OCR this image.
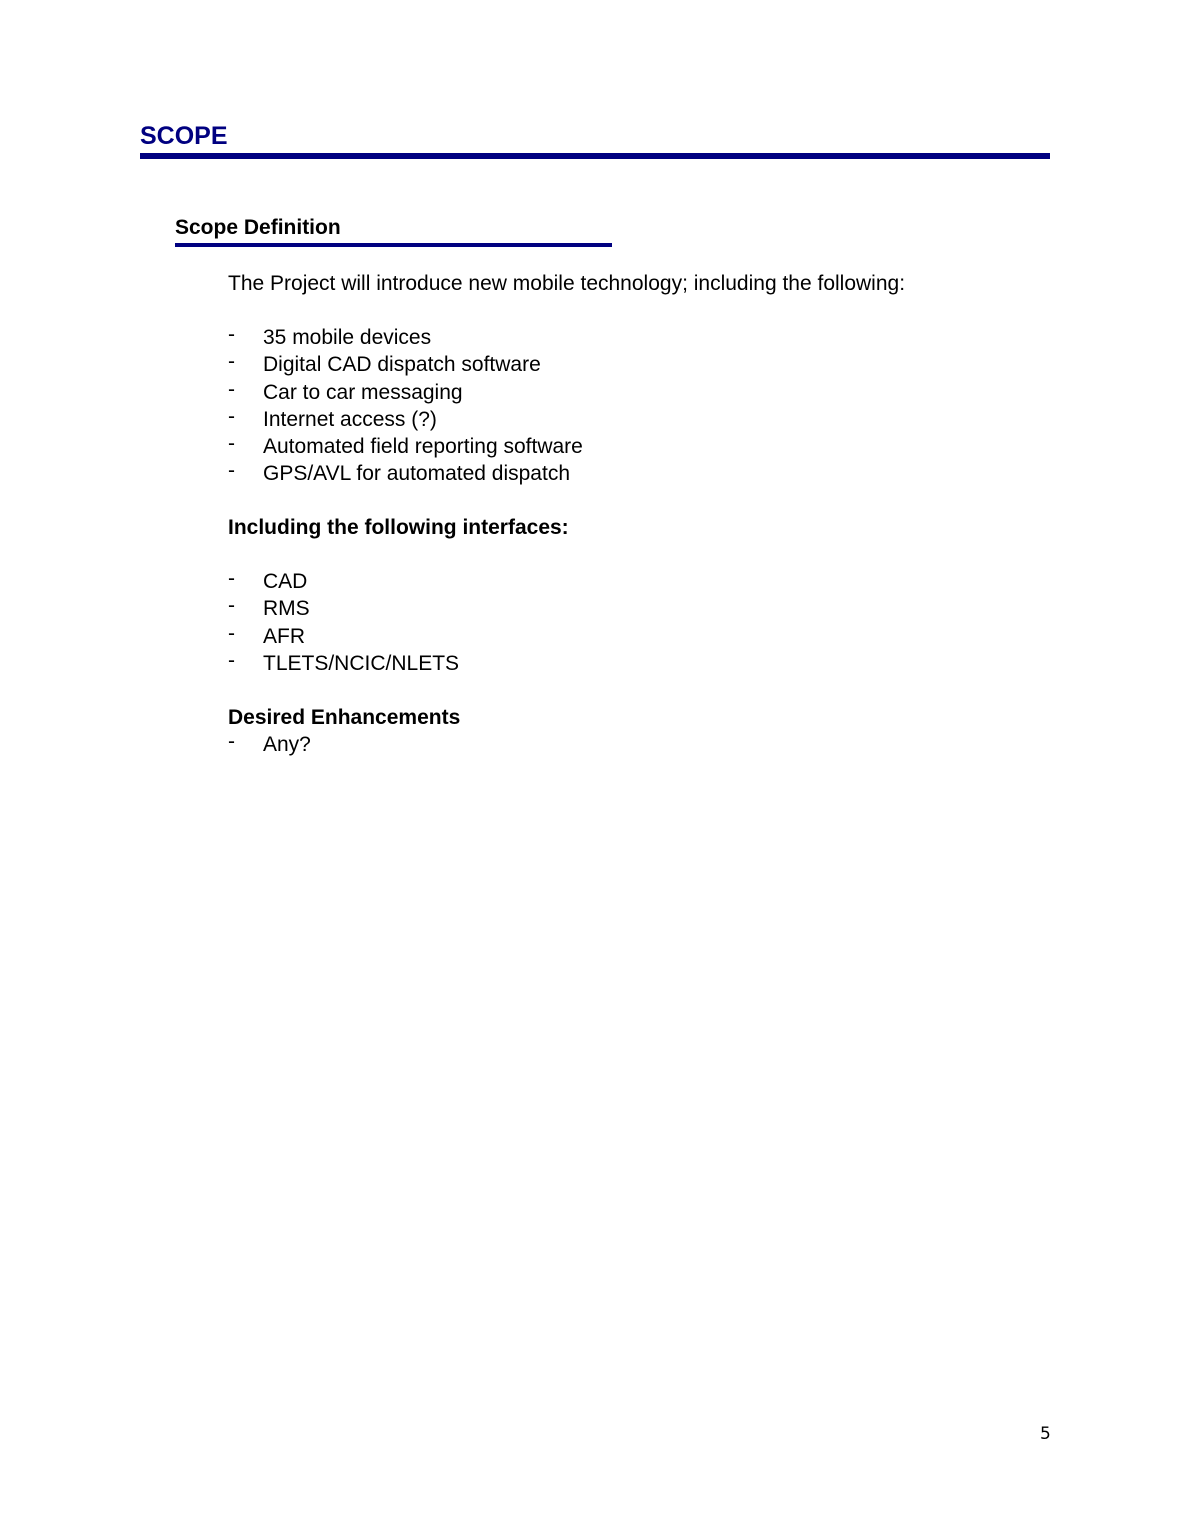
SCOPE
Scope Definition

The Project will introduce new mobile technology; including the following:

- 35 mobile devices
- Digital CAD dispatch software
- Car to car messaging
- Internet access (?)
- Automated field reporting software
- GPS/AVL for automated dispatch

Including the following interfaces:

- CAD
- RMS
- AFR
- TLETS/NCIC/NLETS

Desired Enhancements

- Any?
5
